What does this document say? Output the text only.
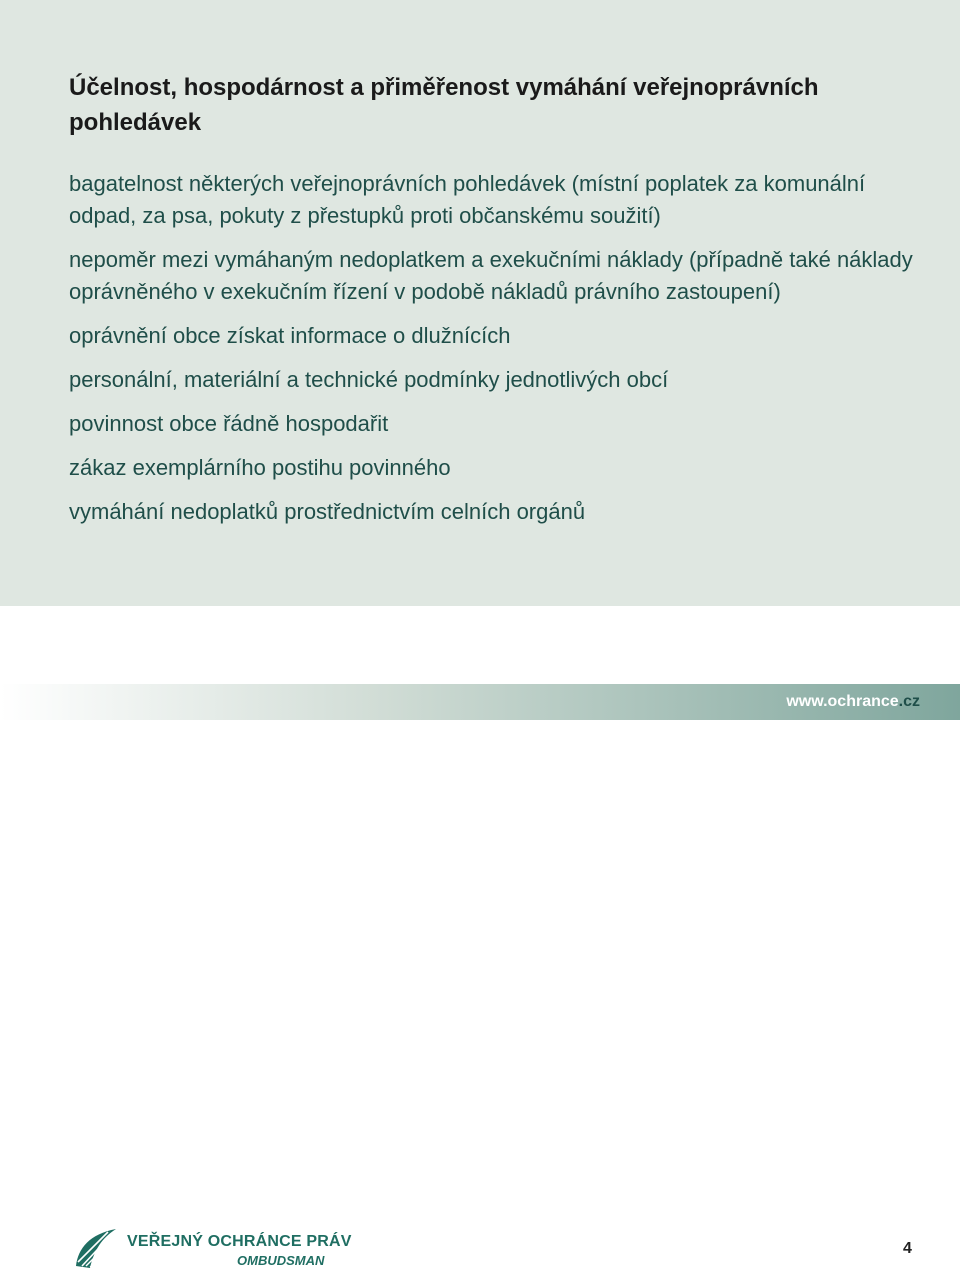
Účelnost, hospodárnost a přiměřenost vymáhání veřejnoprávních pohledávek
bagatelnost některých veřejnoprávních pohledávek (místní poplatek za komunální odpad, za psa, pokuty z přestupků proti občanskému soužití)
nepoměr mezi vymáhaným nedoplatkem a exekučními náklady (případně také náklady oprávněného v exekučním řízení v podobě nákladů právního zastoupení)
oprávnění obce získat informace o dlužnících
personální, materiální a technické podmínky jednotlivých obcí
povinnost obce řádně hospodařit
zákaz exemplárního postihu povinného
vymáhání nedoplatků prostřednictvím celních orgánů
VEŘEJNÝ OCHRÁNCE PRÁV
OMBUDSMAN
4
www.ochrance.cz
